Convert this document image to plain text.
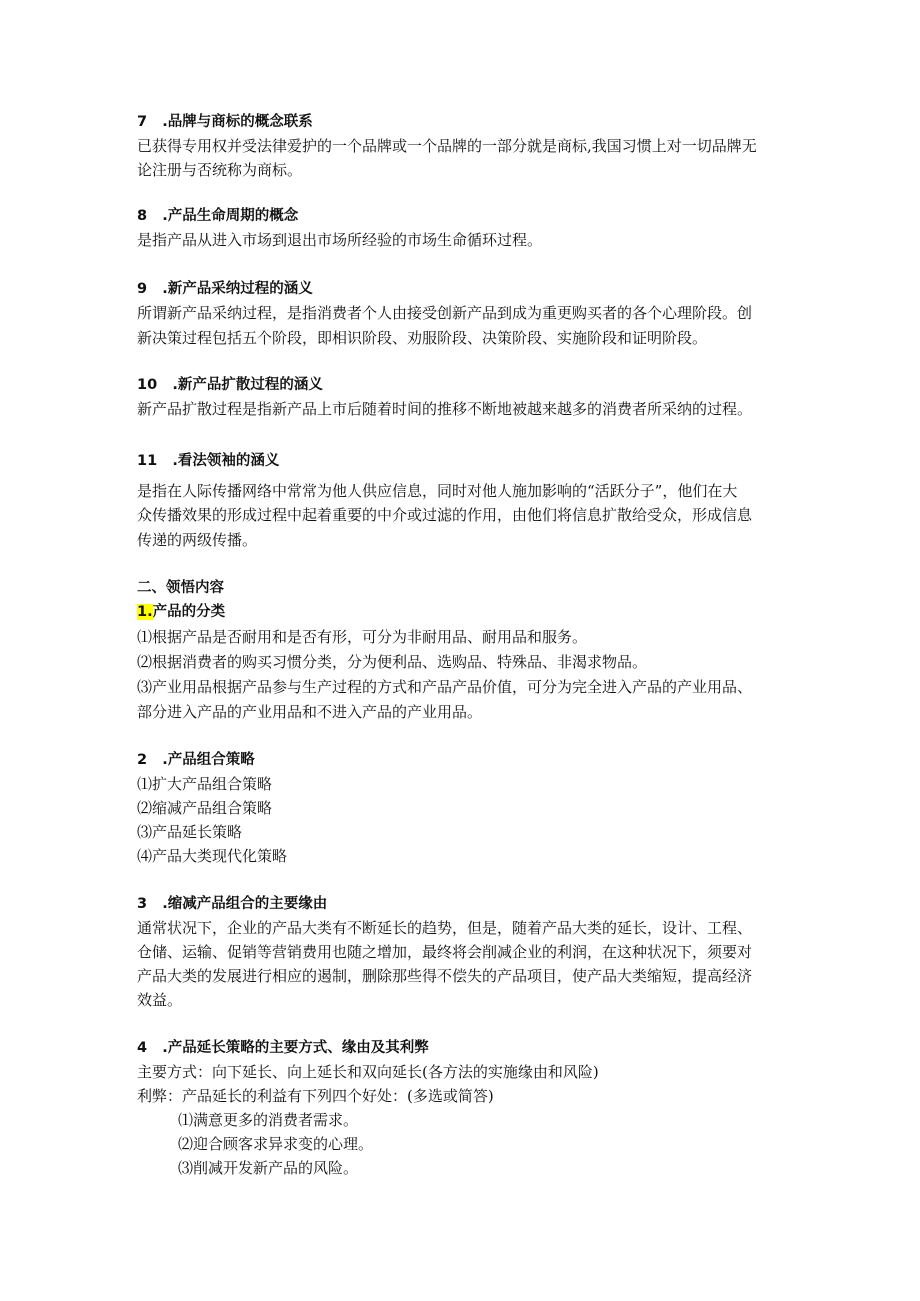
7   .品牌与商标的概念联系
已获得专用权并受法律爱护的一个品牌或一个品牌的一部分就是商标,我国习惯上对一切品牌无
论注册与否统称为商标。
8   .产品生命周期的概念
是指产品从进入市场到退出市场所经验的市场生命循环过程。
9   .新产品采纳过程的涵义
所谓新产品采纳过程，是指消费者个人由接受创新产品到成为重更购买者的各个心理阶段。创
新决策过程包括五个阶段，即相识阶段、劝服阶段、决策阶段、实施阶段和证明阶段。
10   .新产品扩散过程的涵义
新产品扩散过程是指新产品上市后随着时间的推移不断地被越来越多的消费者所采纳的过程。
11   .看法领袖的涵义
是指在人际传播网络中常常为他人供应信息，同时对他人施加影响的“活跃分子”，他们在大
众传播效果的形成过程中起着重要的中介或过滤的作用，由他们将信息扩散给受众，形成信息
传递的两级传播。
二、领悟内容
1.产品的分类
⑴根据产品是否耐用和是否有形，可分为非耐用品、耐用品和服务。
⑵根据消费者的购买习惯分类，分为便利品、选购品、特殊品、非渴求物品。
⑶产业用品根据产品参与生产过程的方式和产品产品价值，可分为完全进入产品的产业用品、
部分进入产品的产业用品和不进入产品的产业用品。
2   .产品组合策略
⑴扩大产品组合策略
⑵缩减产品组合策略
⑶产品延长策略
⑷产品大类现代化策略
3   .缩减产品组合的主要缘由
通常状况下，企业的产品大类有不断延长的趋势，但是，随着产品大类的延长，设计、工程、
仓储、运输、促销等营销费用也随之增加，最终将会削减企业的利润，在这种状况下，须要对
产品大类的发展进行相应的遏制，删除那些得不偿失的产品项目，使产品大类缩短，提高经济
效益。
4   .产品延长策略的主要方式、缘由及其利弊
主要方式：向下延长、向上延长和双向延长(各方法的实施缘由和风险)
利弊：产品延长的利益有下列四个好处：(多选或简答)
⑴满意更多的消费者需求。
⑵迎合顾客求异求变的心理。
⑶削减开发新产品的风险。
